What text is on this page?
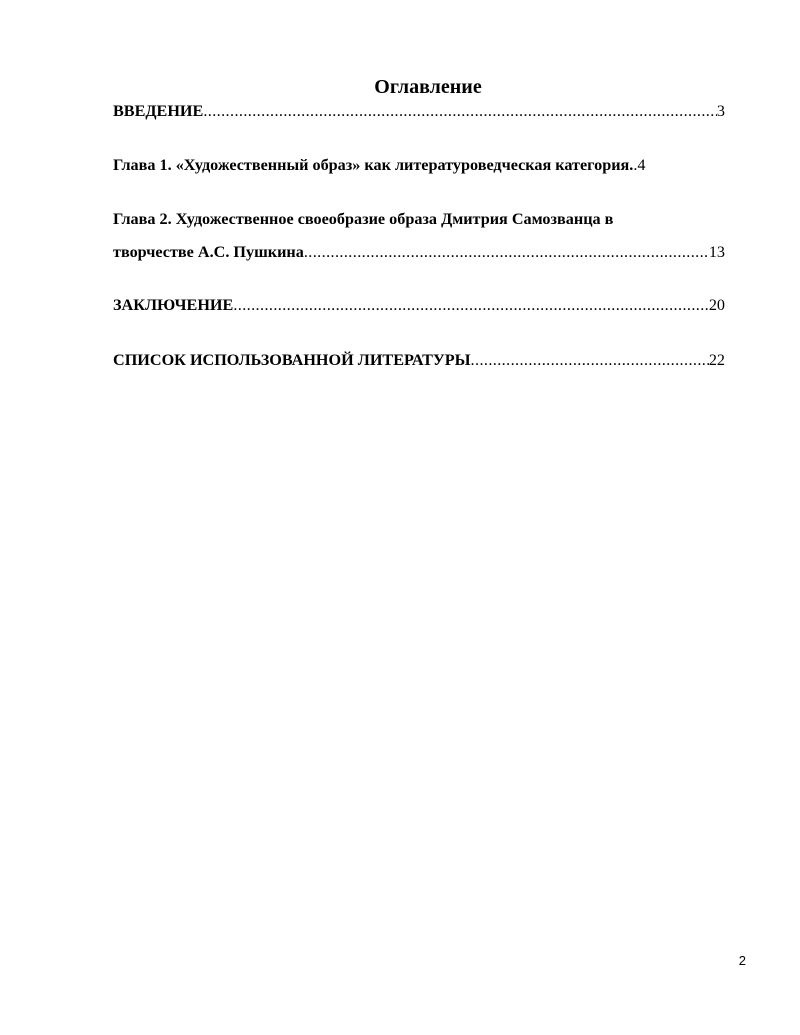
Оглавление
ВВЕДЕНИЕ .....	3
Глава 1. «Художественный образ» как литературоведческая категория. . 4
Глава 2. Художественное своеобразие образа Дмитрия Самозванца в
творчестве А.С. Пушкина .....	13
ЗАКЛЮЧЕНИЕ .....	20
СПИСОК ИСПОЛЬЗОВАННОЙ ЛИТЕРАТУРЫ .....	22
2
